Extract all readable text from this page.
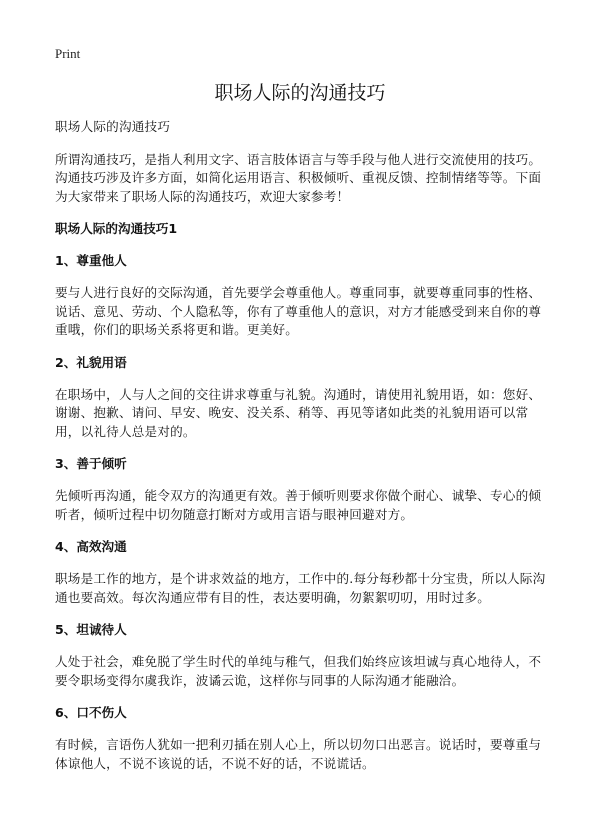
Print
职场人际的沟通技巧

职场人际的沟通技巧

所谓沟通技巧，是指人利用文字、语言肢体语言与等手段与他人进行交流使用的技巧。沟通技巧涉及许多方面，如简化运用语言、积极倾听、重视反馈、控制情绪等等。下面为大家带来了职场人际的沟通技巧，欢迎大家参考！

职场人际的沟通技巧1

1、尊重他人

要与人进行良好的交际沟通，首先要学会尊重他人。尊重同事，就要尊重同事的性格、说话、意见、劳动、个人隐私等，你有了尊重他人的意识，对方才能感受到来自你的尊重哦，你们的职场关系将更和谐。更美好。

2、礼貌用语

在职场中，人与人之间的交往讲求尊重与礼貌。沟通时，请使用礼貌用语，如：您好、谢谢、抱歉、请问、早安、晚安、没关系、稍等、再见等诸如此类的礼貌用语可以常用，以礼待人总是对的。

3、善于倾听

先倾听再沟通，能令双方的沟通更有效。善于倾听则要求你做个耐心、诚挚、专心的倾听者，倾听过程中切勿随意打断对方或用言语与眼神回避对方。

4、高效沟通

职场是工作的地方，是个讲求效益的地方，工作中的.每分每秒都十分宝贵，所以人际沟通也要高效。每次沟通应带有目的性，表达要明确，勿絮絮叨叨，用时过多。

5、坦诚待人

人处于社会，难免脱了学生时代的单纯与稚气，但我们始终应该坦诚与真心地待人，不要令职场变得尔虞我诈，波谲云诡，这样你与同事的人际沟通才能融洽。

6、口不伤人

有时候，言语伤人犹如一把利刃插在别人心上，所以切勿口出恶言。说话时，要尊重与体谅他人，不说不该说的话，不说不好的话，不说谎话。
